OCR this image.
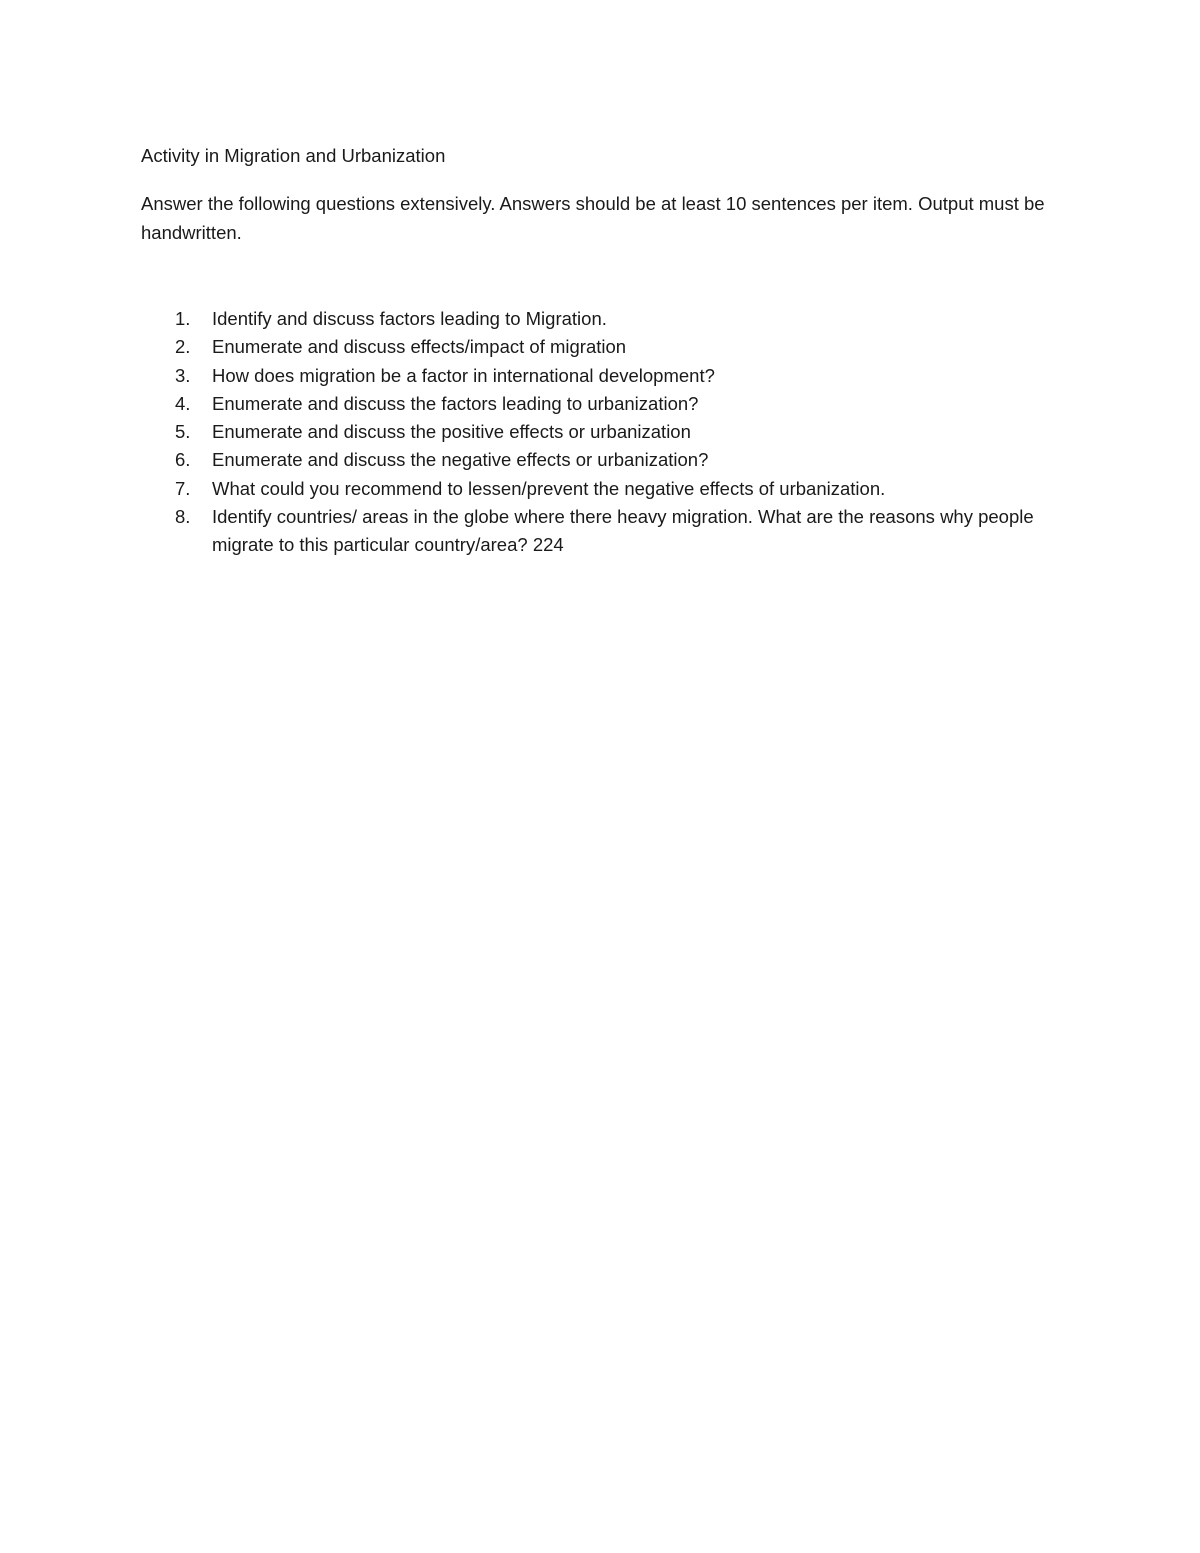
Activity in Migration and Urbanization

Answer the following questions extensively. Answers should be at least 10 sentences per item. Output must be handwritten.

1. Identify and discuss factors leading to Migration.
2. Enumerate and discuss effects/impact of migration
3. How does migration be a factor in international development?
4. Enumerate and discuss the factors leading to urbanization?
5. Enumerate and discuss the positive effects or urbanization
6. Enumerate and discuss the negative effects or urbanization?
7. What could you recommend to lessen/prevent the negative effects of urbanization.
8. Identify countries/ areas in the globe where there heavy migration. What are the reasons why people migrate to this particular country/area? 224
